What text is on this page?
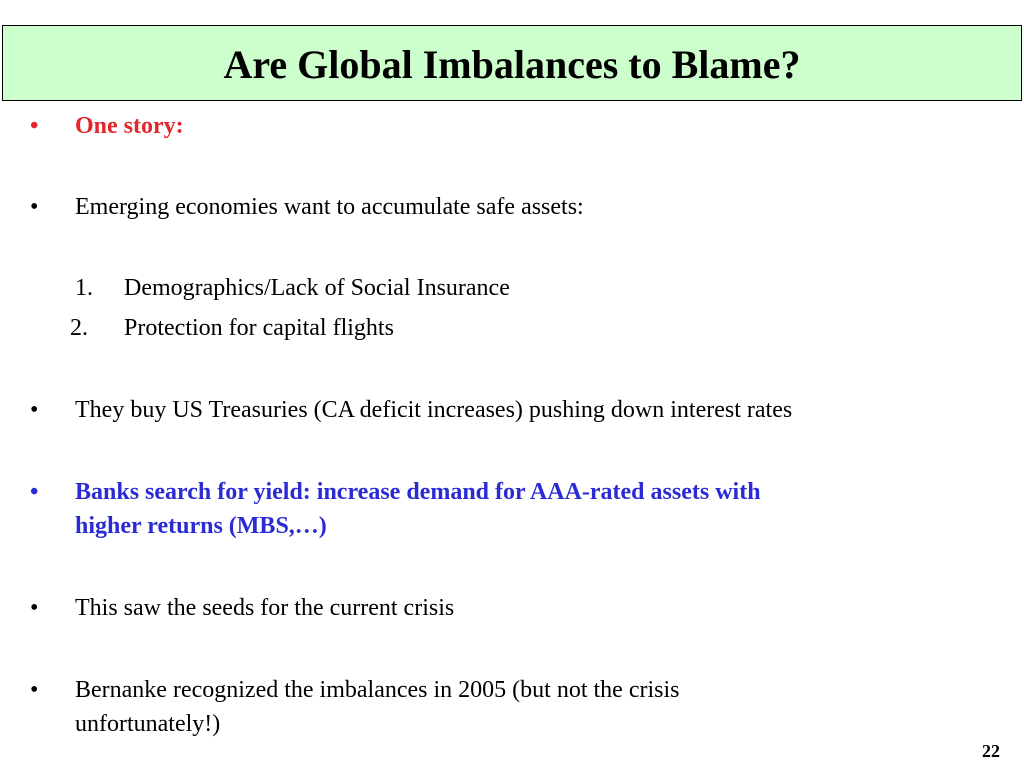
Are Global Imbalances to Blame?
• One story:
• Emerging economies want to accumulate safe assets:
1. Demographics/Lack of Social Insurance
2. Protection for capital flights
• They buy US Treasuries (CA deficit increases) pushing down interest rates
• Banks search for yield: increase demand for AAA-rated assets with
higher returns (MBS,…)
• This saw the seeds for the current crisis
• Bernanke recognized the imbalances in 2005 (but not the crisis
unfortunately!)
22
